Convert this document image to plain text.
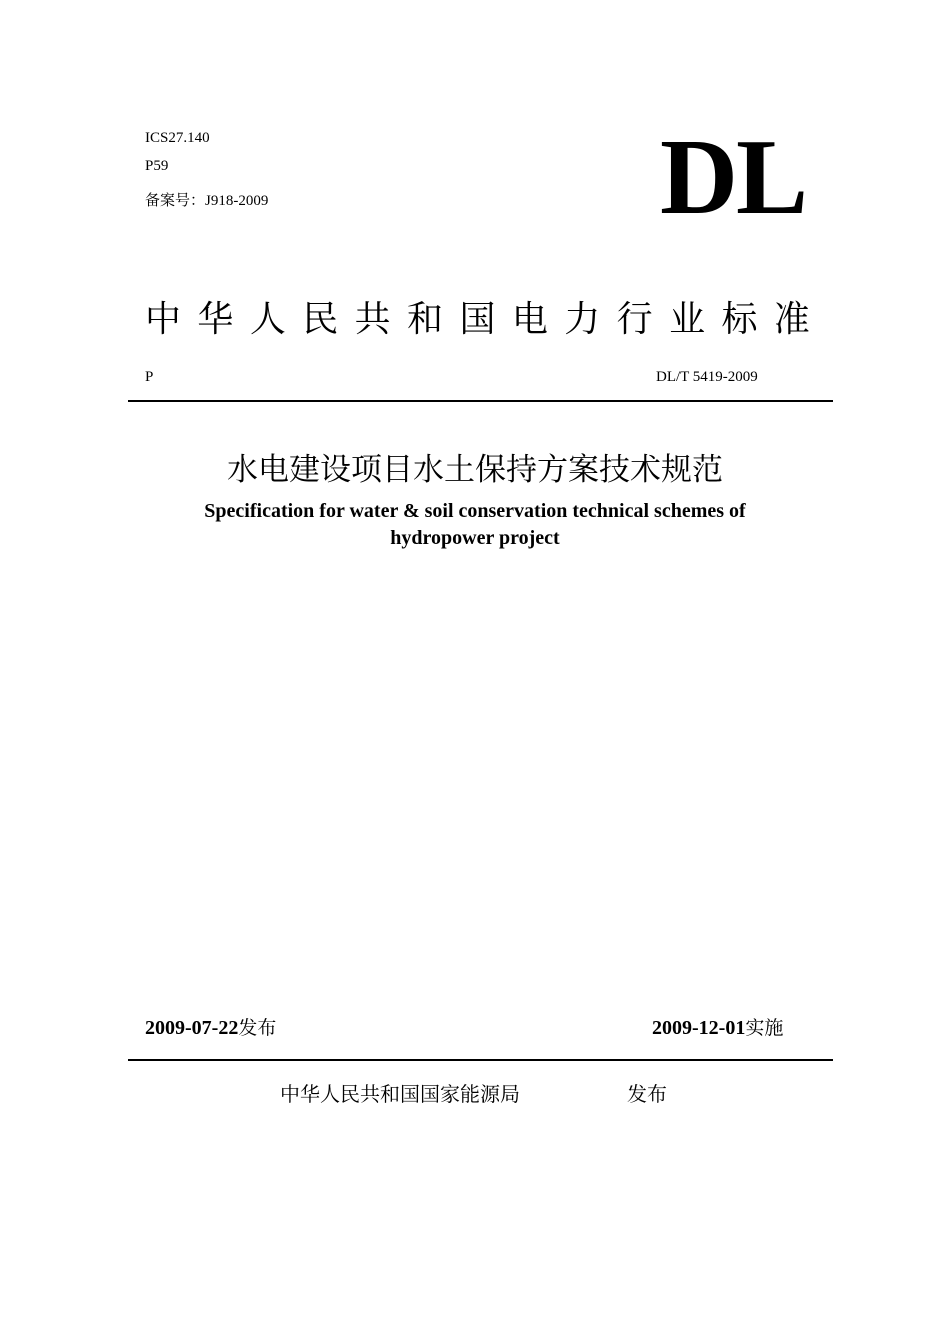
ICS27.140
P59
备案号：J918-2009	DL
中 华 人 民 共 和 国 电 力 行 业 标 准
P	DL/T 5419-2009
水电建设项目水土保持方案技术规范
Specification for water & soil conservation technical schemes of
hydropower project
2009-07-22发布	2009-12-01实施
中华人民共和国国家能源局	发布
